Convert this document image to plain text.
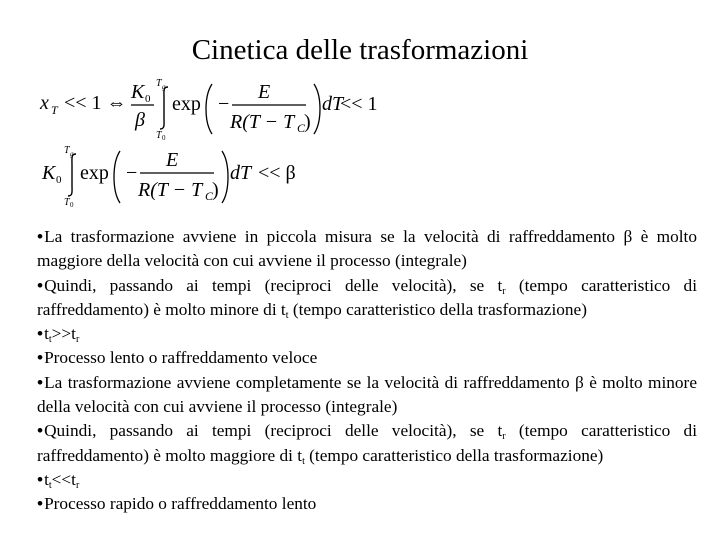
Cinetica delle trasformazioni
x T << 1 ⇔ K 0
β
T g
T 0
exp −
E
R(T − T C
)
dT
<< 1
K 0
T g
T 0
exp −
E
R(T − T C
)
dT << β

•La trasformazione avviene in piccola misura se la velocità di raffreddamento β è molto maggiore della velocità con cui avviene il processo (integrale)

•Quindi, passando ai tempi (reciproci delle velocità), se $t_r$ (tempo caratteristico di raffreddamento) è molto minore di $t_t$ (tempo caratteristico della trasformazione)

$•t_t>>t_r$

•Processo lento o raffreddamento veloce

•La trasformazione avviene completamente se la velocità di raffreddamento β è molto minore della velocità con cui avviene il processo (integrale)

•Quindi, passando ai tempi (reciproci delle velocità), se $t_r$ (tempo caratteristico di raffreddamento) è molto maggiore di $t_t$ (tempo caratteristico della trasformazione)

$•t_t<<t_r$

•Processo rapido o raffreddamento lento
